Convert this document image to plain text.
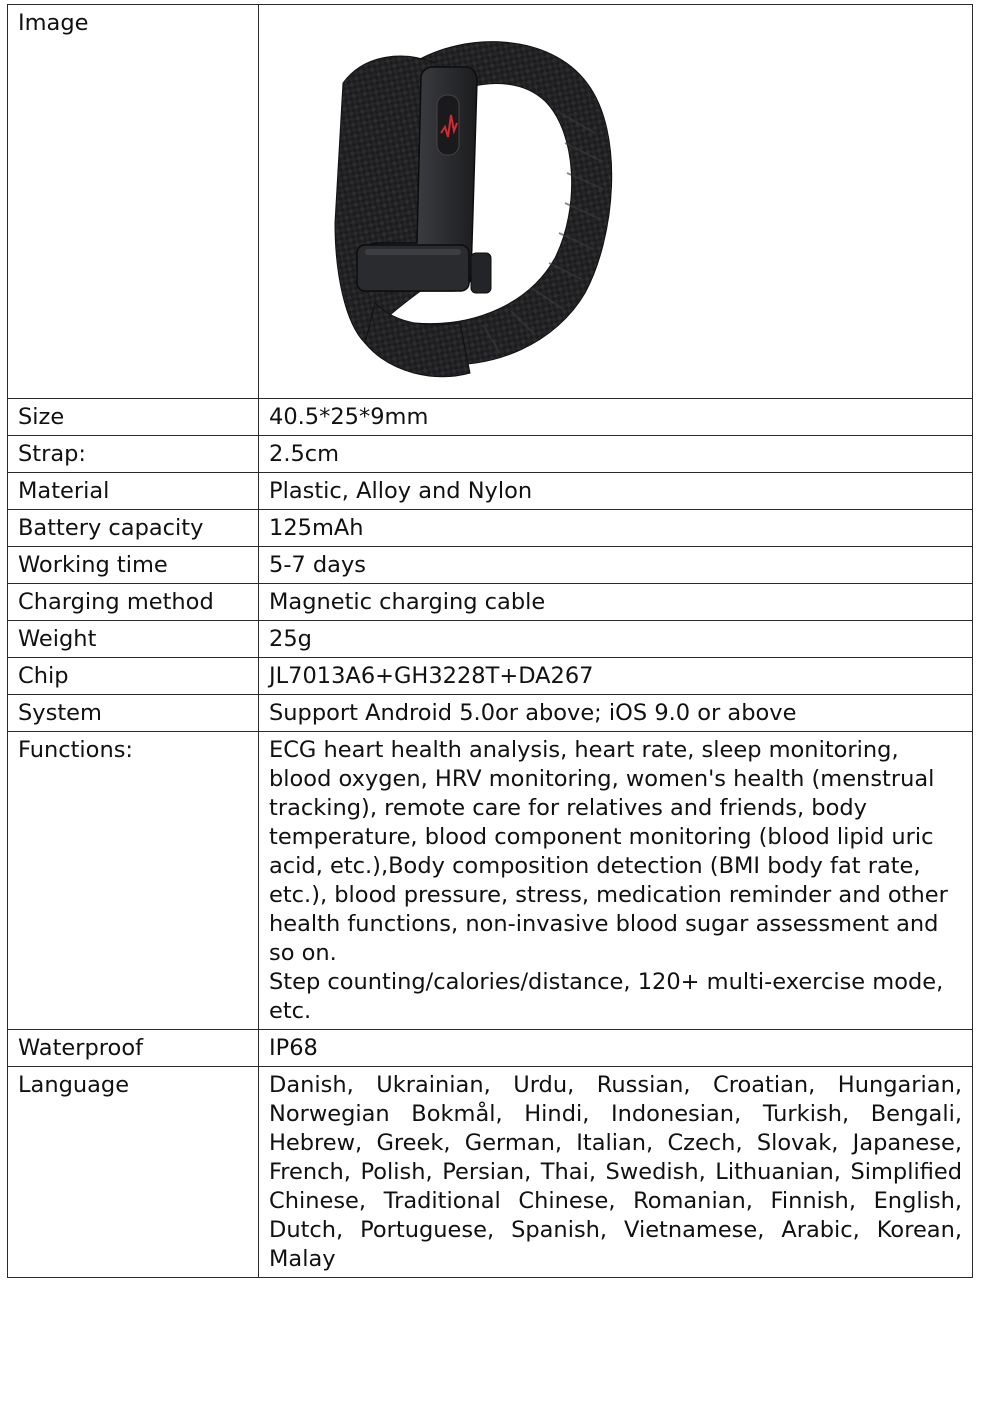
Image	

Size	40.5*25*9mm
Strap:	2.5cm
Material	Plastic, Alloy and Nylon
Battery capacity	125mAh
Working time	5-7 days
Charging method	Magnetic charging cable
Weight	25g
Chip	JL7013A6+GH3228T+DA267
System	Support Android 5.0or above; iOS 9.0 or above
Functions:	ECG heart health analysis, heart rate, sleep monitoring, blood oxygen, HRV monitoring, women's health (menstrual tracking), remote care for relatives and friends, body temperature, blood component monitoring (blood lipid uric acid, etc.),Body composition detection (BMI body fat rate, etc.), blood pressure, stress, medication reminder and other health functions, non-invasive blood sugar assessment and so on.
Step counting/calories/distance, 120+ multi-exercise mode, etc.
Waterproof	IP68
Language	Danish, Ukrainian, Urdu, Russian, Croatian, Hungarian, Norwegian Bokmål, Hindi, Indonesian, Turkish, Bengali, Hebrew, Greek, German, Italian, Czech, Slovak, Japanese, French, Polish, Persian, Thai, Swedish, Lithuanian, Simplified Chinese, Traditional Chinese, Romanian, Finnish, English, Dutch, Portuguese, Spanish, Vietnamese, Arabic, Korean, Malay
